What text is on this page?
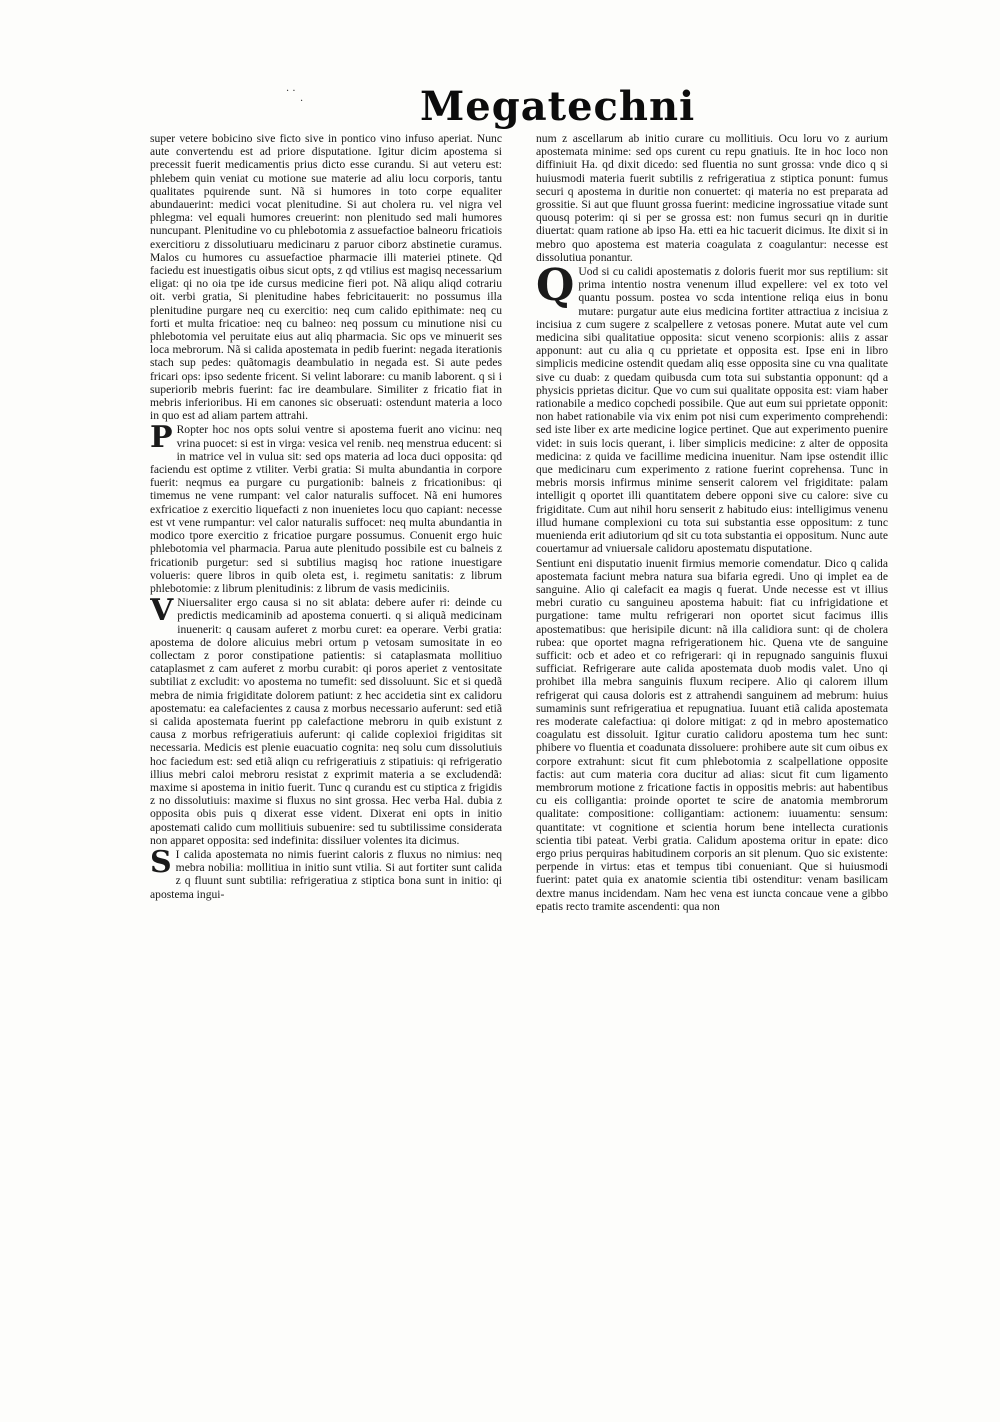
· ·
·	Megatechni

super vetere bobicino sive ficto sive in pontico vino infuso aperiat. Nunc aute convertendu est ad priore disputatione. Igitur dicim apostema si precessit fuerit medicamentis prius dicto esse curandu. Si aut veteru est: phlebem quin veniat cu motione sue materie ad aliu locu corporis, tantu qualitates pquirende sunt. Nã si humores in toto corpe equaliter abundauerint: medici vocat plenitudine. Si aut cholera ru. vel nigra vel phlegma: vel equali humores creuerint: non plenitudo sed mali humores nuncupant. Plenitudine vo cu phlebotomia z assuefactioe balneoru fricatiois exercitioru z dissolutiuaru medicinaru z paruor ciborz abstinetie curamus. Malos cu humores cu assuefactioe pharmacie illi materiei ptinete. Qd faciedu est inuestigatis oibus sicut opts, z qd vtilius est magisq necessarium eligat: qi no oia tpe ide cursus medicine fieri pot. Nã aliqu aliqd cotrariu oit. verbi gratia, Si plenitudine habes febricitauerit: no possumus illa plenitudine purgare neq cu exercitio: neq cum calido epithimate: neq cu forti et multa fricatioe: neq cu balneo: neq possum cu minutione nisi cu phlebotomia vel peruitate eius aut aliq pharmacia. Sic ops ve minuerit ses loca mebrorum. Nã si calida apostemata in pedib fuerint: negada iterationis stach sup pedes: quãtomagis deambulatio in negada est. Si aute pedes fricari ops: ipso sedente fricent. Si velint laborare: cu manib laborent. q si i superiorib mebris fuerint: fac ire deambulare. Similiter z fricatio fiat in mebris inferioribus. Hi em canones sic obseruati: ostendunt materia a loco in quo est ad aliam partem attrahi.

P Ropter hoc nos opts solui ventre si apostema fuerit ano vicinu: neq vrina puocet: si est in virga: vesica vel renib. neq menstrua educent: si in matrice vel in vulua sit: sed ops materia ad loca duci opposita: qd faciendu est optime z vtiliter. Verbi gratia: Si multa abundantia in corpore fuerit: neqmus ea purgare cu purgationib: balneis z fricationibus: qi timemus ne vene rumpant: vel calor naturalis suffocet. Nã eni humores exfricatioe z exercitio liquefacti z non inuenietes locu quo capiant: necesse est vt vene rumpantur: vel calor naturalis suffocet: neq multa abundantia in modico tpore exercitio z fricatioe purgare possumus. Conuenit ergo huic phlebotomia vel pharmacia. Parua aute plenitudo possibile est cu balneis z fricationib purgetur: sed si subtilius magisq hoc ratione inuestigare volueris: quere libros in quib oleta est, i. regimetu sanitatis: z librum phlebotomie: z librum plenitudinis: z librum de vasis mediciniis.

V Niuersaliter ergo causa si no sit ablata: debere aufer ri: deinde cu predictis medicaminib ad apostema conuerti. q si aliquã medicinam inuenerit: q causam auferet z morbu curet: ea operare. Verbi gratia: apostema de dolore alicuius mebri ortum p vetosam sumositate in eo collectam z poror constipatione patientis: si cataplasmata mollitiuo cataplasmet z cam auferet z morbu curabit: qi poros aperiet z ventositate subtiliat z excludit: vo apostema no tumefit: sed dissoluunt. Sic et si quedã mebra de nimia frigiditate dolorem patiunt: z hec accidetia sint ex calidoru apostematu: ea calefacientes z causa z morbus necessario auferunt: sed etiã si calida apostemata fuerint pp calefactione mebroru in quib existunt z causa z morbus refrigeratiuis auferunt: qi calide coplexioi frigiditas sit necessaria. Medicis est plenie euacuatio cognita: neq solu cum dissolutiuis hoc faciedum est: sed etiã aliqn cu refrigeratiuis z stipatiuis: qi refrigeratio illius mebri caloi mebroru resistat z exprimit materia a se excludendã: maxime si apostema in initio fuerit. Tunc q curandu est cu stiptica z frigidis z no dissolutiuis: maxime si fluxus no sint grossa. Hec verba Hal. dubia z opposita obis puis q dixerat esse vident. Dixerat eni opts in initio apostemati calido cum mollitiuis subuenire: sed tu subtilissime considerata non apparet opposita: sed indefinita: dissiluer volentes ita dicimus.

S I calida apostemata no nimis fuerint caloris z fluxus no nimius: neq mebra nobilia: mollitiua in initio sunt vtilia. Si aut fortiter sunt calida z q fluunt sunt subtilia: refrigeratiua z stiptica bona sunt in initio: qi apostema ingui-

num z ascellarum ab initio curare cu mollitiuis. Ocu loru vo z aurium apostemata minime: sed ops curent cu repu gnatiuis. Ite in hoc loco non diffiniuit Ha. qd dixit dicedo: sed fluentia no sunt grossa: vnde dico q si huiusmodi materia fuerit subtilis z refrigeratiua z stiptica ponunt: fumus securi q apostema in duritie non conuertet: qi materia no est preparata ad grossitie. Si aut que fluunt grossa fuerint: medicine ingrossatiue vitade sunt quousq poterim: qi si per se grossa est: non fumus securi qn in duritie diuertat: quam ratione ab ipso Ha. etti ea hic tacuerit dicimus. Ite dixit si in mebro quo apostema est materia coagulata z coagulantur: necesse est dissolutiua ponantur.

Q Uod si cu calidi apostematis z doloris fuerit mor sus reptilium: sit prima intentio nostra venenum illud expellere: vel ex toto vel quantu possum. postea vo scda intentione reliqa eius in bonu mutare: purgatur aute eius medicina fortiter attractiua z incisiua z incisiua z cum sugere z scalpellere z vetosas ponere. Mutat aute vel cum medicina sibi qualitatiue opposita: sicut veneno scorpionis: aliis z assar apponunt: aut cu alia q cu pprietate et opposita est. Ipse eni in libro simplicis medicine ostendit quedam aliq esse opposita sine cu vna qualitate sive cu duab: z quedam quibusda cum tota sui substantia opponunt: qd a physicis pprietas dicitur. Que vo cum sui qualitate opposita est: viam haber rationabile a medico copchedi possibile. Que aut eum sui pprietate opponit: non habet rationabile via vix enim pot nisi cum experimento comprehendi: sed iste liber ex arte medicine logice pertinet. Que aut experimento puenire videt: in suis locis querant, i. liber simplicis medicine: z alter de opposita medicina: z quida ve facillime medicina inuenitur. Nam ipse ostendit illic que medicinaru cum experimento z ratione fuerint coprehensa. Tunc in mebris morsis infirmus minime senserit calorem vel frigiditate: palam intelligit q oportet illi quantitatem debere opponi sive cu calore: sive cu frigiditate. Cum aut nihil horu senserit z habitudo eius: intelligimus venenu illud humane complexioni cu tota sui substantia esse oppositum: z tunc muenienda erit adiutorium qd sit cu tota substantia ei oppositum. Nunc aute couertamur ad vniuersale calidoru apostematu disputatione.

Sentiunt eni disputatio inuenit firmius memorie comendatur. Dico q calida apostemata faciunt mebra natura sua bifaria egredi. Uno qi implet ea de sanguine. Alio qi calefacit ea magis q fuerat. Unde necesse est vt illius mebri curatio cu sanguineu apostema habuit: fiat cu infrigidatione et purgatione: tame multu refrigerari non oportet sicut facimus illis apostematibus: que herisipile dicunt: nã illa calidiora sunt: qi de cholera rubea: que oportet magna refrigerationem hic. Quena vte de sanguine sufficit: ocb et adeo et co refrigerari: qi in repugnado sanguinis fluxui sufficiat. Refrigerare aute calida apostemata duob modis valet. Uno qi prohibet illa mebra sanguinis fluxum recipere. Alio qi calorem illum refrigerat qui causa doloris est z attrahendi sanguinem ad mebrum: huius sumaminis sunt refrigeratiua et repugnatiua. Iuuant etiã calida apostemata res moderate calefactiua: qi dolore mitigat: z qd in mebro apostematico coagulatu est dissoluit. Igitur curatio calidoru apostema tum hec sunt: phibere vo fluentia et coadunata dissoluere: prohibere aute sit cum oibus ex corpore extrahunt: sicut fit cum phlebotomia z scalpellatione opposite factis: aut cum materia cora ducitur ad alias: sicut fit cum ligamento membrorum motione z fricatione factis in oppositis mebris: aut habentibus cu eis colligantia: proinde oportet te scire de anatomia membrorum qualitate: compositione: colligantiam: actionem: iuuamentu: sensum: quantitate: vt cognitione et scientia horum bene intellecta curationis scientia tibi pateat. Verbi gratia. Calidum apostema oritur in epate: dico ergo prius perquiras habitudinem corporis an sit plenum. Quo sic existente: perpende in virtus: etas et tempus tibi conueniant. Que si huiusmodi fuerint: patet quia ex anatomie scientia tibi ostenditur: venam basilicam dextre manus incidendam. Nam hec vena est iuncta concaue vene a gibbo epatis recto tramite ascendenti: qua non
